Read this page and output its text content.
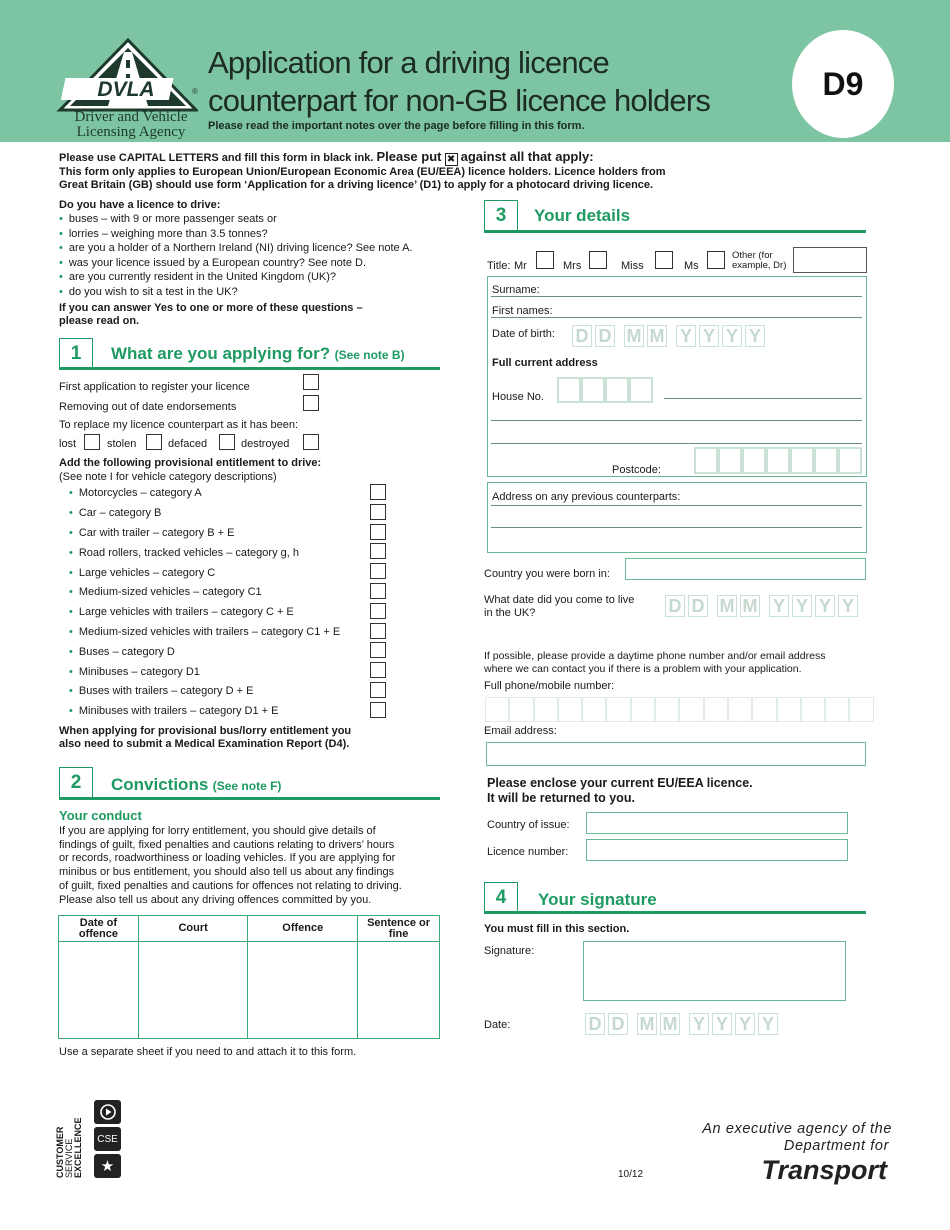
DVLA	®
Driver and Vehicle
Licensing Agency
Application for a driving licence
counterpart for non-GB licence holders
Please read the important notes over the page before filling in this form.
D9
Please use CAPITAL LETTERS and fill this form in black ink. Please put ✖ against all that apply:
This form only applies to European Union/European Economic Area (EU/EEA) licence holders. Licence holders from
Great Britain (GB) should use form ‘Application for a driving licence’ (D1) to apply for a photocard driving licence.
Do you have a licence to drive:
• buses – with 9 or more passenger seats or
• lorries – weighing more than 3.5 tonnes?
• are you a holder of a Northern Ireland (NI) driving licence? See note A.
• was your licence issued by a European country? See note D.
• are you currently resident in the United Kingdom (UK)?
• do you wish to sit a test in the UK?
If you can answer Yes to one or more of these questions –
please read on.
1	What are you applying for? (See note B)
First application to register your licence
Removing out of date endorsements
To replace my licence counterpart as it has been:
lost	stolen	defaced	destroyed
Add the following provisional entitlement to drive:
(See note I for vehicle category descriptions)
• Motorcycles – category A
• Car – category B
• Car with trailer – category B + E
• Road rollers, tracked vehicles – category g, h
• Large vehicles – category C
• Medium-sized vehicles – category C1
• Large vehicles with trailers – category C + E
• Medium-sized vehicles with trailers – category C1 + E
• Buses – category D
• Minibuses – category D1
• Buses with trailers – category D + E
• Minibuses with trailers – category D1 + E
When applying for provisional bus/lorry entitlement you
also need to submit a Medical Examination Report (D4).
2	Convictions (See note F)
Your conduct
If you are applying for lorry entitlement, you should give details of
findings of guilt, fixed penalties and cautions relating to drivers’ hours
or records, roadworthiness or loading vehicles. If you are applying for
minibus or bus entitlement, you should also tell us about any findings
of guilt, fixed penalties and cautions for offences not relating to driving.
Please also tell us about any driving offences committed by you.
Date of offence	Court	Offence	Sentence or fine

Use a separate sheet if you need to and attach it to this form.
3	Your details
Title: Mr	Mrs	Miss	Ms
Other (for example, Dr)
Surname:
First names:
Date of birth: D D M M Y Y Y Y
Full current address
House No.
Postcode:
Address on any previous counterparts:
Country you were born in:
What date did you come to live
in the UK?	D D M M Y Y Y Y
If possible, please provide a daytime phone number and/or email address
where we can contact you if there is a problem with your application.
Full phone/mobile number:
Email address:
Please enclose your current EU/EEA licence.
It will be returned to you.
Country of issue:
Licence number:
4	Your signature
You must fill in this section.
Signature:
Date:	D D M M Y Y Y Y
CUSTOMER SERVICE EXCELLENCE	CSE
★
An executive agency of the
Department for
Transport
10/12
